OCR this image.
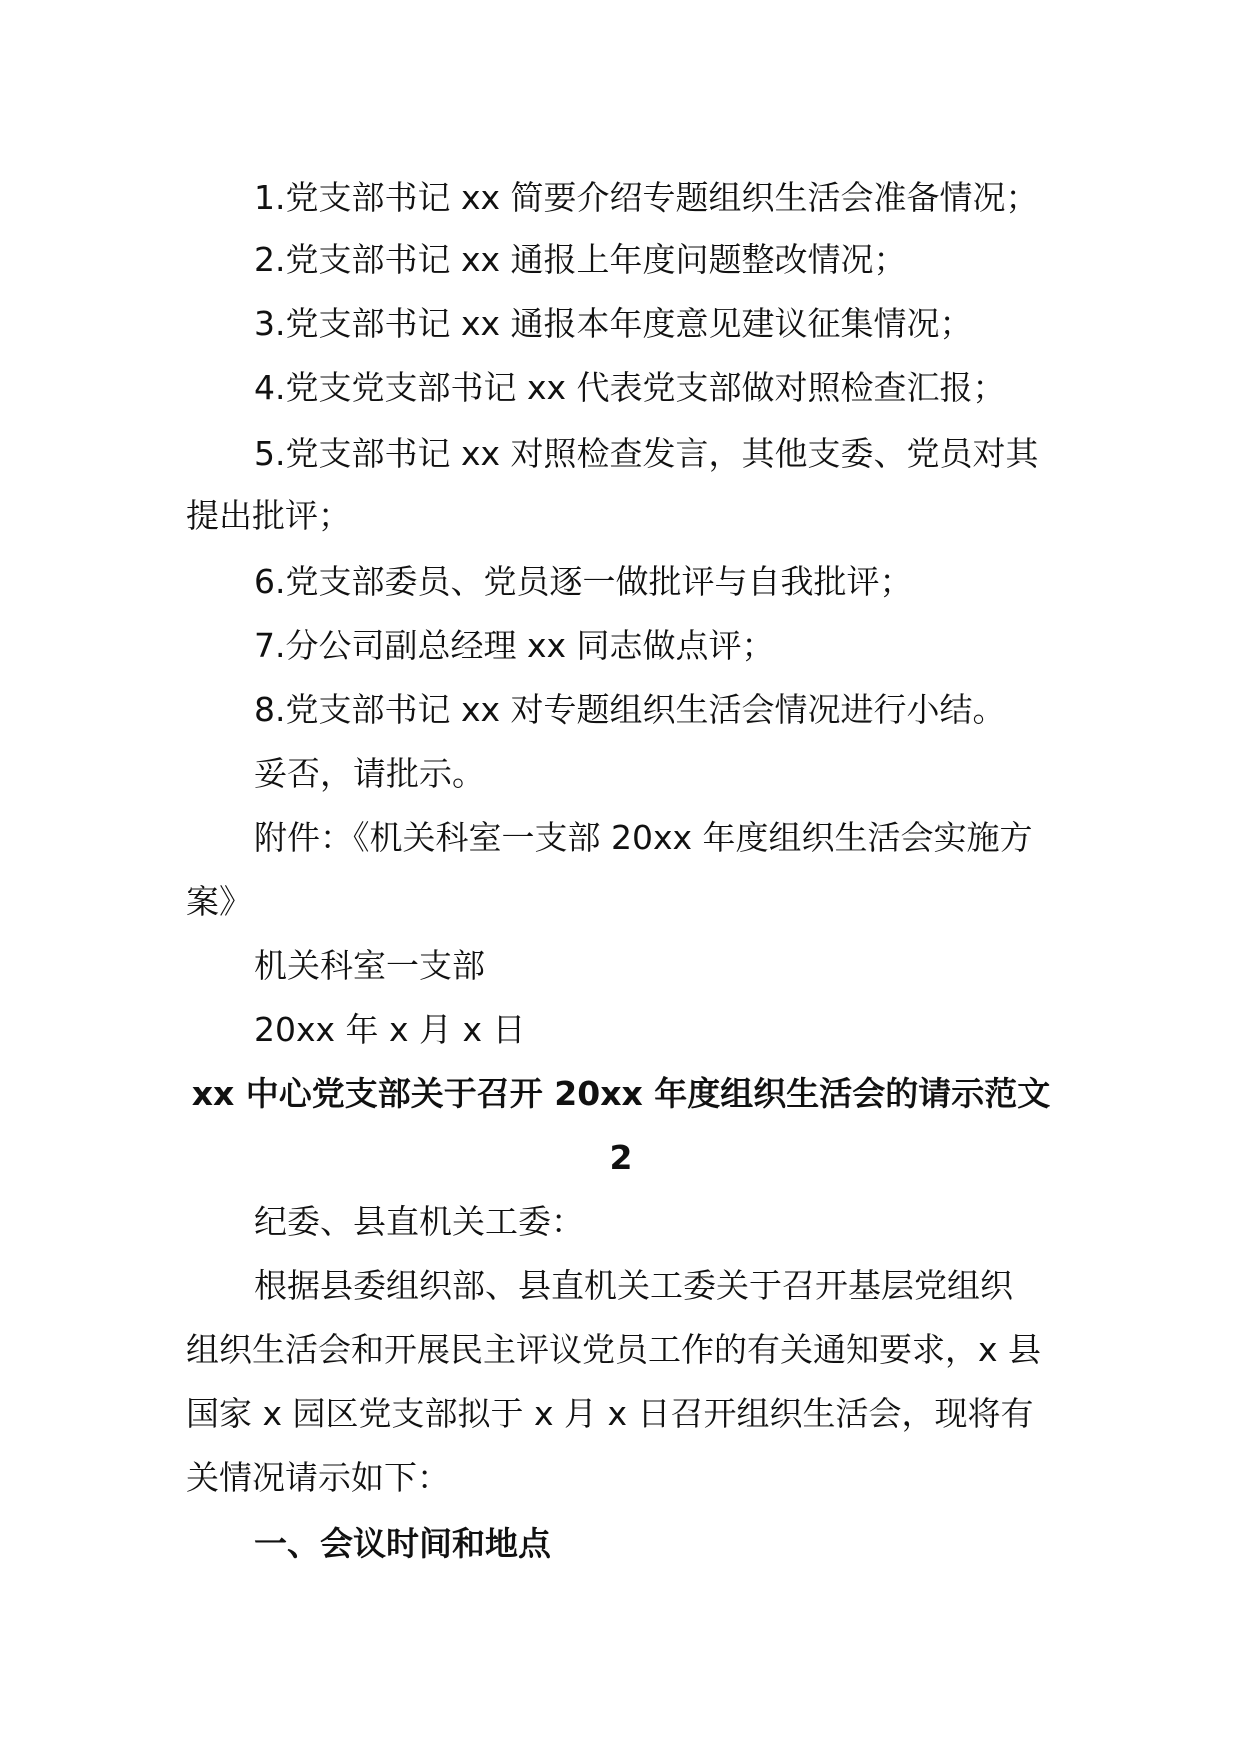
1.党支部书记 xx 简要介绍专题组织生活会准备情况；
2.党支部书记 xx 通报上年度问题整改情况；
3.党支部书记 xx 通报本年度意见建议征集情况；
4.党支党支部书记 xx 代表党支部做对照检查汇报；
5.党支部书记 xx 对照检查发言，其他支委、党员对其
提出批评；
6.党支部委员、党员逐一做批评与自我批评；
7.分公司副总经理 xx 同志做点评；
8.党支部书记 xx 对专题组织生活会情况进行小结。
妥否，请批示。
附件：《机关科室一支部 20xx 年度组织生活会实施方
案》
机关科室一支部
20xx 年 x 月 x 日
xx 中心党支部关于召开 20xx 年度组织生活会的请示范文
2
纪委、县直机关工委：
根据县委组织部、县直机关工委关于召开基层党组织
组织生活会和开展民主评议党员工作的有关通知要求，x 县
国家 x 园区党支部拟于 x 月 x 日召开组织生活会，现将有
关情况请示如下：
一、会议时间和地点
